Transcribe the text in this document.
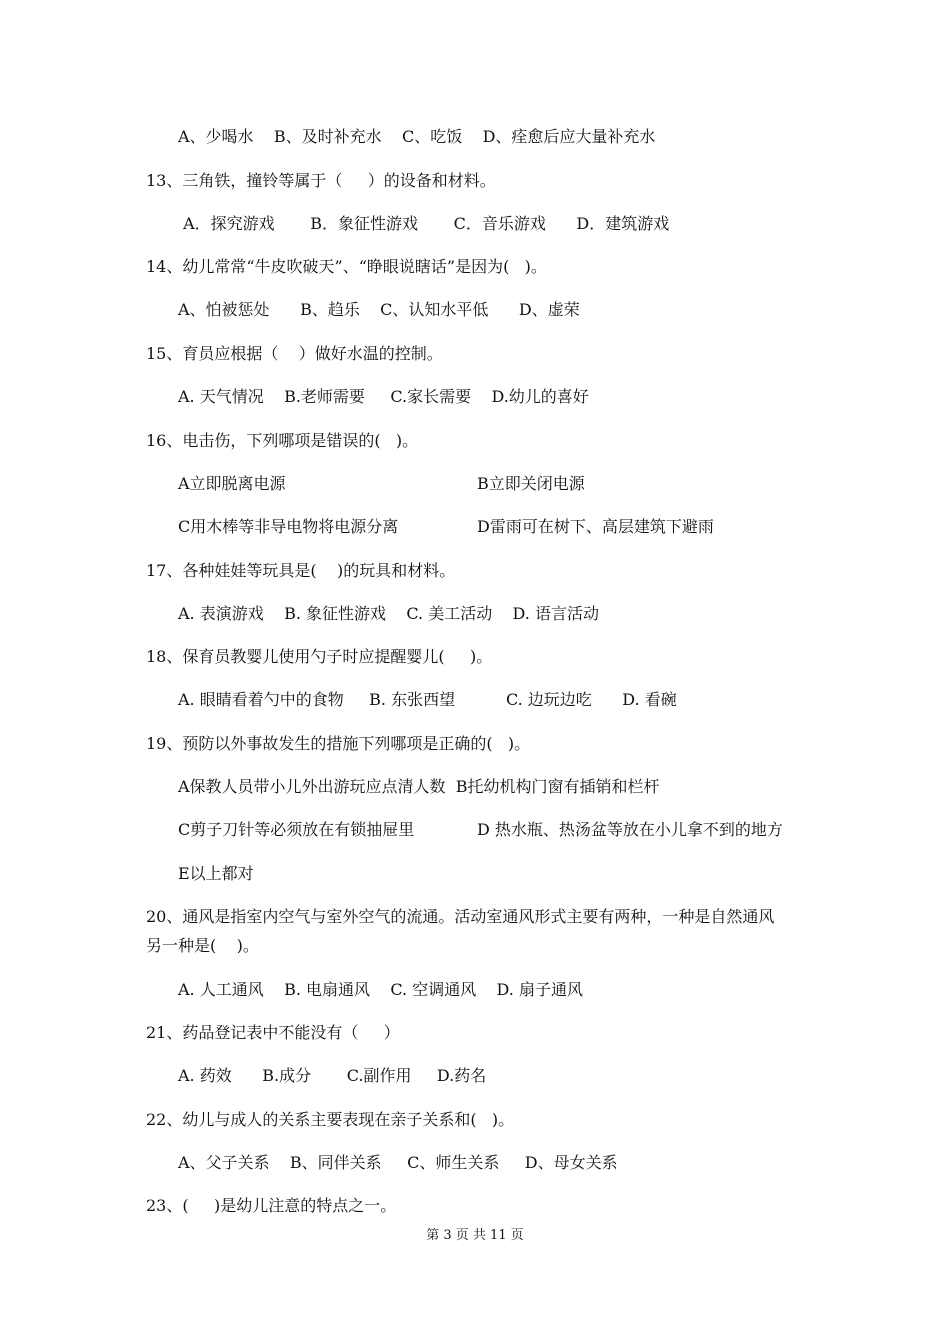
A、少喝水    B、及时补充水    C、吃饭    D、痊愈后应大量补充水
13、三角铁，撞铃等属于（     ）的设备和材料。
A．探究游戏       B．象征性游戏       C．音乐游戏      D．建筑游戏
14、幼儿常常“牛皮吹破天”、“睁眼说瞎话”是因为(   )。
A、怕被惩处      B、趋乐    C、认知水平低      D、虚荣
15、育员应根据（    ）做好水温的控制。
A. 天气情况    B.老师需要     C.家长需要    D.幼儿的喜好
16、电击伤，下列哪项是错误的(   )。
A立即脱离电源	B立即关闭电源
C用木棒等非导电物将电源分离	D雷雨可在树下、高层建筑下避雨
17、各种娃娃等玩具是(    )的玩具和材料。
A. 表演游戏    B. 象征性游戏    C. 美工活动    D. 语言活动
18、保育员教婴儿使用勺子时应提醒婴儿(     )。
A. 眼睛看着勺中的食物     B. 东张西望          C. 边玩边吃      D. 看碗
19、预防以外事故发生的措施下列哪项是正确的(   )。
A保教人员带小儿外出游玩应点清人数  B托幼机构门窗有插销和栏杆
C剪子刀针等必须放在有锁抽屉里	D 热水瓶、热汤盆等放在小儿拿不到的地方
E以上都对
20、通风是指室内空气与室外空气的流通。活动室通风形式主要有两种，一种是自然通风
另一种是(    )。
A. 人工通风    B. 电扇通风    C. 空调通风    D. 扇子通风
21、药品登记表中不能没有（     ）
A. 药效      B.成分       C.副作用     D.药名
22、幼儿与成人的关系主要表现在亲子关系和(   )。
A、父子关系    B、同伴关系     C、师生关系     D、母女关系
23、(     )是幼儿注意的特点之一。
第 3 页 共 11 页
